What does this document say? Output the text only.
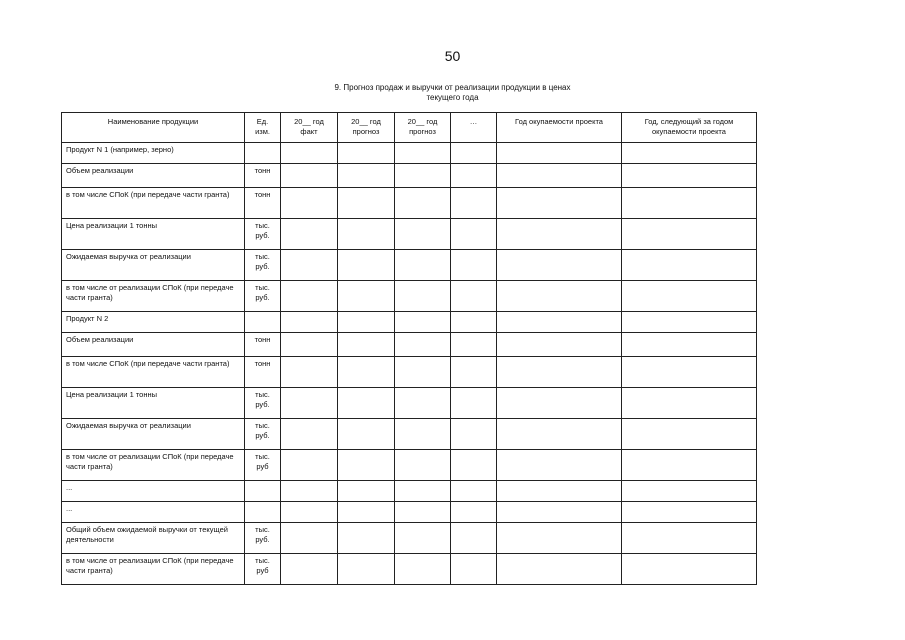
50
9. Прогноз продаж и выручки от реализации продукции в ценах
текущего года
Наименование продукции	Ед. изм.	20__ год факт	20__ год прогноз	20__ год прогноз	…	Год окупаемости проекта	Год, следующий за годом окупаемости проекта
Продукт N 1 (например, зерно)							
Объем реализации	тонн						
в том числе СПоК (при передаче части гранта)	тонн						
Цена реализации 1 тонны	тыс. руб.						
Ожидаемая выручка от реализации	тыс. руб.						
в том числе от реализации СПоК (при передаче части гранта)	тыс. руб.						
Продукт N 2							
Объем реализации	тонн						
в том числе СПоК (при передаче части гранта)	тонн						
Цена реализации 1 тонны	тыс. руб.						
Ожидаемая выручка от реализации	тыс. руб.						
в том числе от реализации СПоК (при передаче части гранта)	тыс. руб						
...							
...							
Общий объем ожидаемой выручки от текущей деятельности	тыс. руб.						
в том числе от реализации СПоК (при передаче части гранта)	тыс. руб						
